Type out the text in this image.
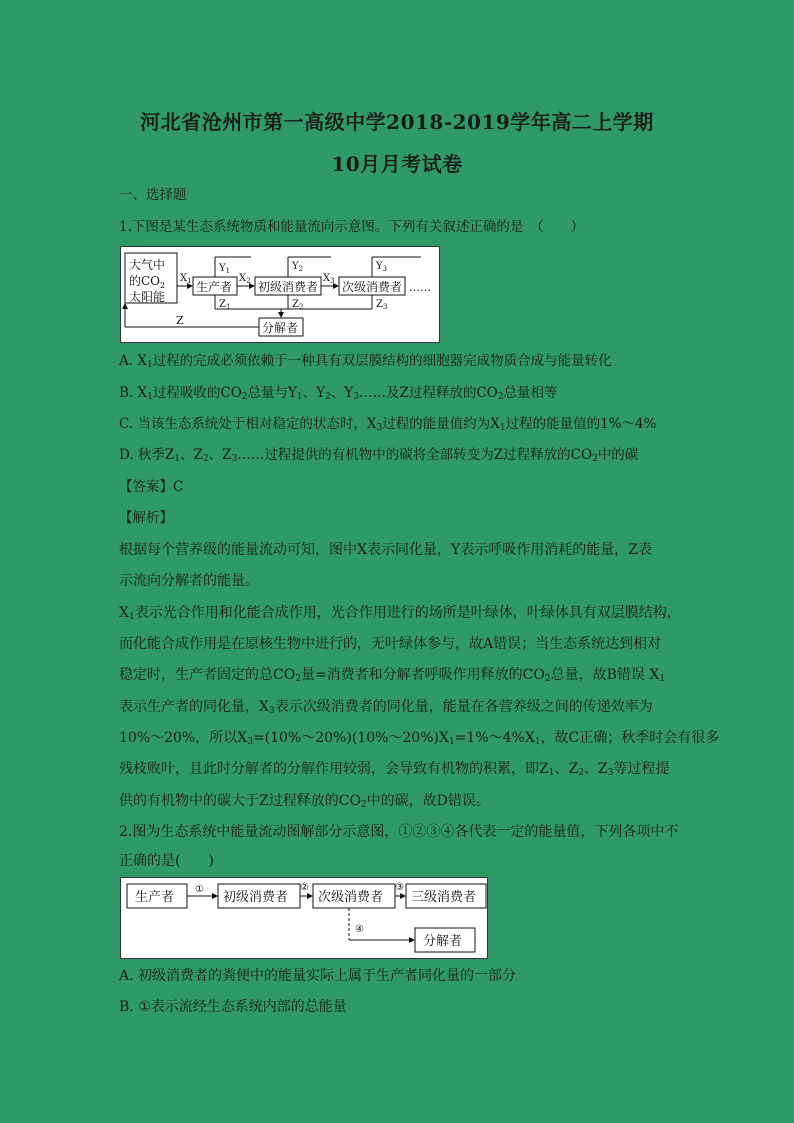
河北省沧州市第一高级中学2018-2019学年高二上学期
10月月考试卷
一、选择题
1.下图是某生态系统物质和能量流向示意图。下列有关叙述正确的是　（　　）
大气中
的$CO_2$
太阳能
生产者 初级消费者 次级消费者 ……
分解者
$X_1$	$X_2$	$X_3$
$Y_1$	$Y_2$	$Y_3$
$Z_1$	$Z_2$	$Z_3$
Z
A. $X_1$过程的完成必须依赖于一种具有双层膜结构的细胞器完成物质合成与能量转化
B. $X_1$过程吸收的$CO_2$总量与$Y_1$、$Y_2$、$Y_3\dots\dots$及Z过程释放的$CO_2$总量相等
C. 当该生态系统处于相对稳定的状态时，$X_3$过程的能量值约为$X_1$过程的能量值的1%～4%
D. 秋季$Z_1$、$Z_2$、$Z_3\dots\dots$过程提供的有机物中的碳将全部转变为Z过程释放的$CO_2$中的碳
【答案】C
【解析】
根据每个营养级的能量流动可知，图中X表示同化量，Y表示呼吸作用消耗的能量，Z表
示流向分解者的能量。
$X_1$表示光合作用和化能合成作用，光合作用进行的场所是叶绿体，叶绿体具有双层膜结构，
而化能合成作用是在原核生物中进行的，无叶绿体参与，故A错误；当生态系统达到相对
稳定时，生产者固定的总$CO_2$量=消费者和分解者呼吸作用释放的$CO_2$总量，故B错误 $X_1$
表示生产者的同化量，$X_3$表示次级消费者的同化量，能量在各营养级之间的传递效率为
10%～20%，所以$X_3=(10\%\sim 20\%)(10\%\sim 20\%)X_1=1\%\sim 4\%X_1$，故C正确；秋季时会有很多
残枝败叶，且此时分解者的分解作用较弱，会导致有机物的积累，即$Z_1$、$Z_2$、$Z_3$等过程提
供的有机物中的碳大于Z过程释放的$CO_2$中的碳，故D错误。
2.图为生态系统中能量流动图解部分示意图，①②③④各代表一定的能量值，下列各项中不
正确的是(　　)
生产者	初级消费者 次级消费者 三级消费者
分解者
①	②	③
④
A. 初级消费者的粪便中的能量实际上属于生产者同化量的一部分
B. ①表示流经生态系统内部的总能量
